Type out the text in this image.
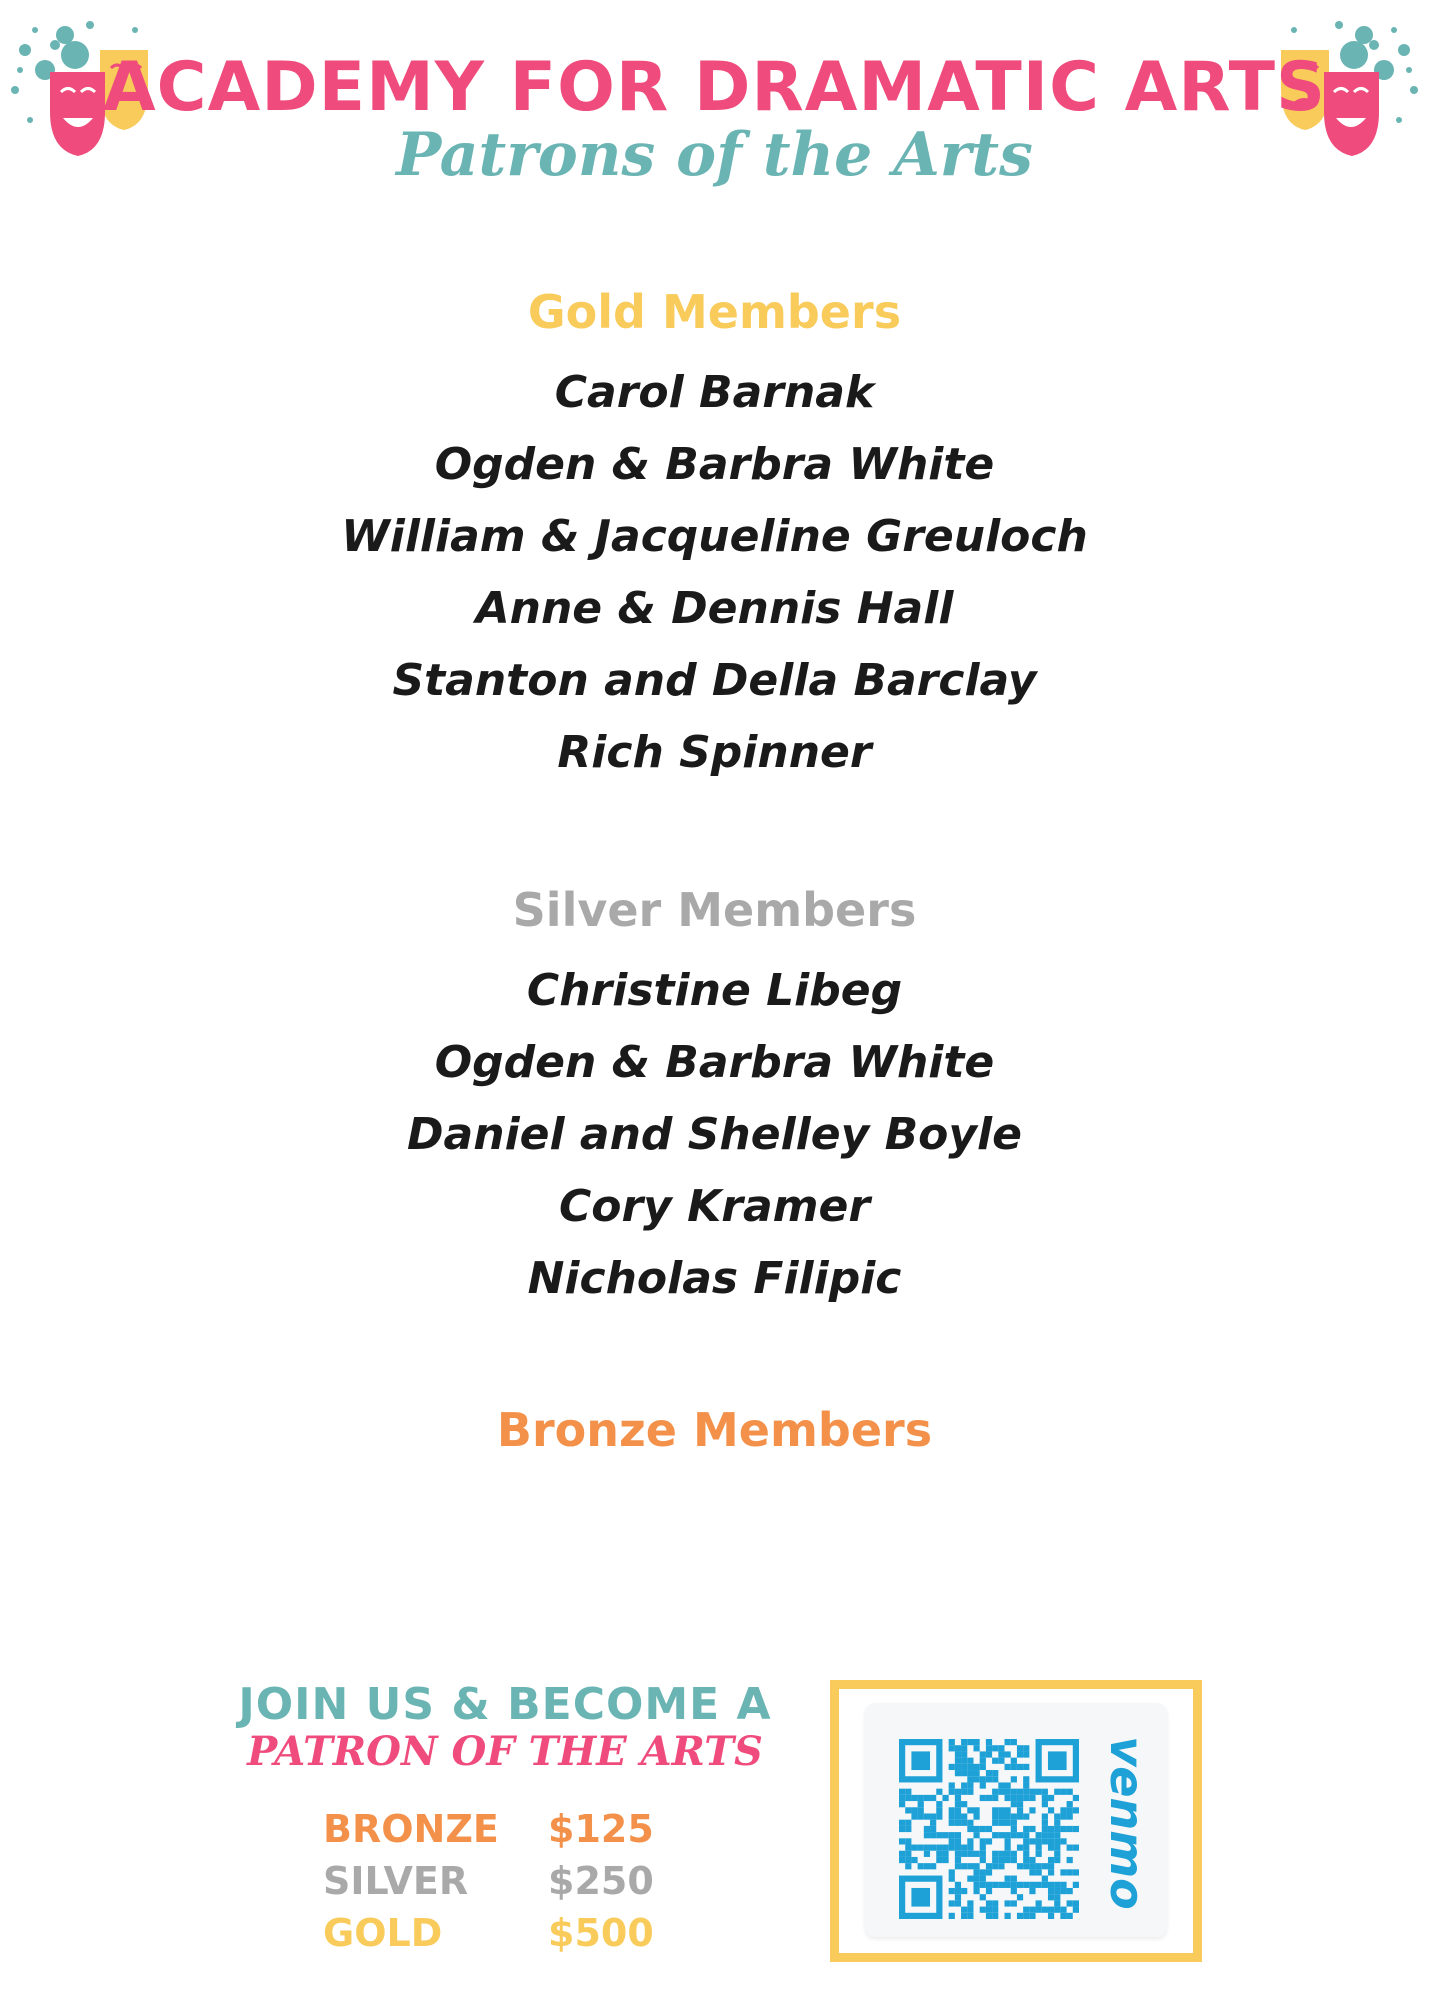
ACADEMY FOR DRAMATIC ARTS
Patrons of the Arts
Gold Members
Carol Barnak
Ogden & Barbra White
William & Jacqueline Greuloch
Anne & Dennis Hall
Stanton and Della Barclay
Rich Spinner
Silver Members
Christine Libeg
Ogden & Barbra White
Daniel and Shelley Boyle
Cory Kramer
Nicholas Filipic
Bronze Members
JOIN US & BECOME A
PATRON OF THE ARTS
BRONZE $125
SILVER $250
GOLD	$500
venmo
